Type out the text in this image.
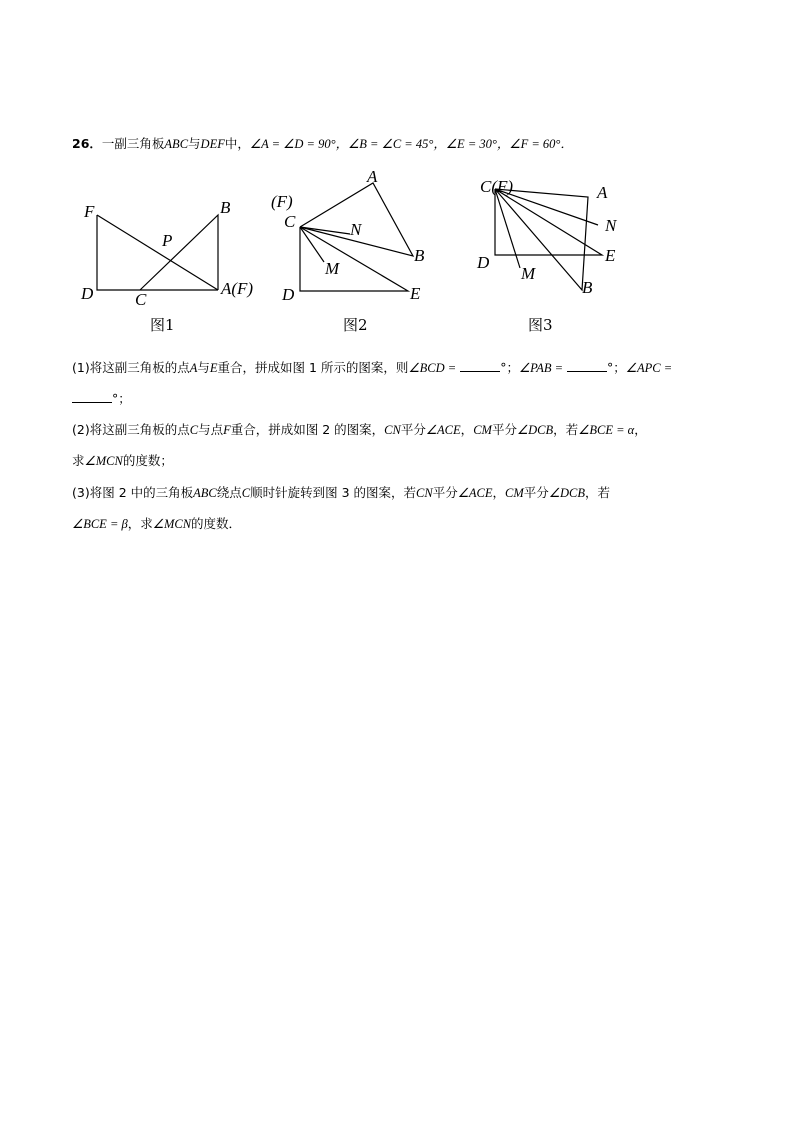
26．一副三角板ABC与DEF中，∠A = ∠D = 90°，∠B = ∠C = 45°，∠E = 30°，∠F = 60°．
F	B
P
D C
A(F)
图1
(F)
C
A
N
M
B
D	E
图2
C(F)	A
N
E
D
M
B
图3
(1)将这副三角板的点A与E重合，拼成如图 1 所示的图案，则∠BCD =	°；∠PAB =	°；∠APC =
°；
(2)将这副三角板的点C与点F重合，拼成如图 2 的图案，CN平分∠ACE，CM平分∠DCB，若∠BCE = α，
求∠MCN的度数；
(3)将图 2 中的三角板ABC绕点C顺时针旋转到图 3 的图案，若CN平分∠ACE，CM平分∠DCB，若
∠BCE = β，求∠MCN的度数．
